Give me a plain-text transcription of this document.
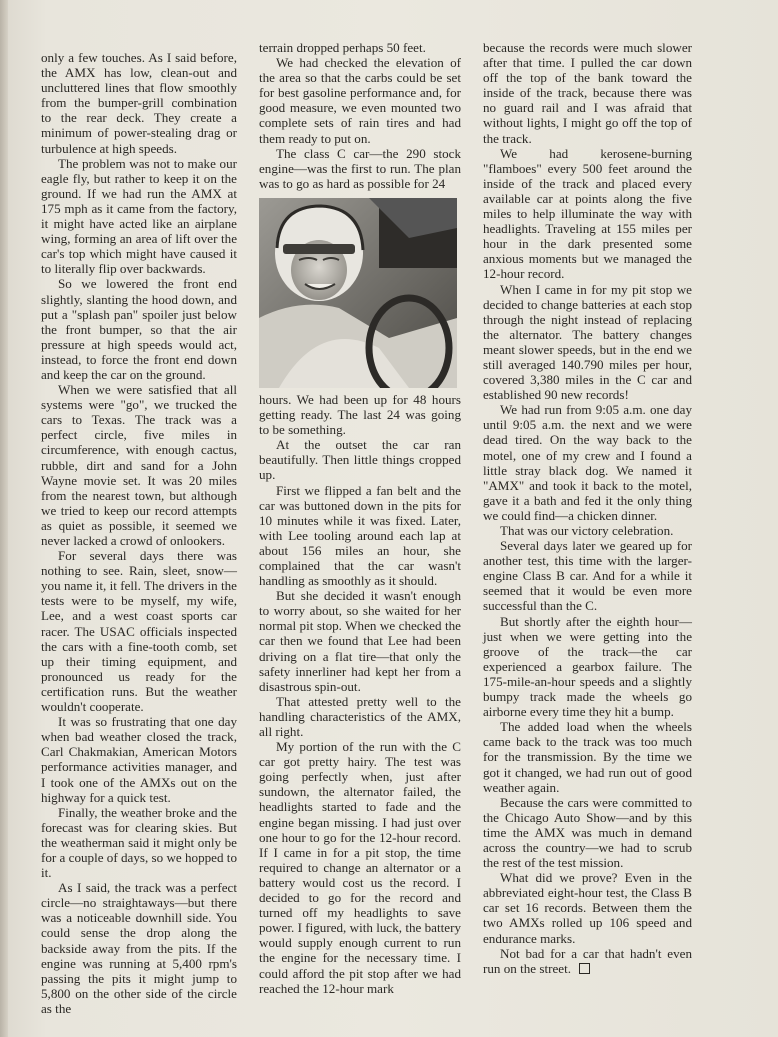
only a few touches. As I said before, the AMX has low, clean-out and uncluttered lines that flow smoothly from the bumper-grill combination to the rear deck. They create a minimum of power-stealing drag or turbulence at high speeds.

The problem was not to make our eagle fly, but rather to keep it on the ground. If we had run the AMX at 175 mph as it came from the factory, it might have acted like an airplane wing, forming an area of lift over the car's top which might have caused it to literally flip over backwards.

So we lowered the front end slightly, slanting the hood down, and put a "splash pan" spoiler just below the front bumper, so that the air pressure at high speeds would act, instead, to force the front end down and keep the car on the ground.

When we were satisfied that all systems were "go", we trucked the cars to Texas. The track was a perfect circle, five miles in circumference, with enough cactus, rubble, dirt and sand for a John Wayne movie set. It was 20 miles from the nearest town, but although we tried to keep our record attempts as quiet as possible, it seemed we never lacked a crowd of onlookers.

For several days there was nothing to see. Rain, sleet, snow—you name it, it fell. The drivers in the tests were to be myself, my wife, Lee, and a west coast sports car racer. The USAC officials inspected the cars with a fine-tooth comb, set up their timing equipment, and pronounced us ready for the certification runs. But the weather wouldn't cooperate.

It was so frustrating that one day when bad weather closed the track, Carl Chakmakian, American Motors performance activities manager, and I took one of the AMXs out on the highway for a quick test.

Finally, the weather broke and the forecast was for clearing skies. But the weatherman said it might only be for a couple of days, so we hopped to it.

As I said, the track was a perfect circle—no straightaways—but there was a noticeable downhill side. You could sense the drop along the backside away from the pits. If the engine was running at 5,400 rpm's passing the pits it might jump to 5,800 on the other side of the circle as the

terrain dropped perhaps 50 feet.

We had checked the elevation of the area so that the carbs could be set for best gasoline performance and, for good measure, we even mounted two complete sets of rain tires and had them ready to put on.

The class C car—the 290 stock engine—was the first to run. The plan was to go as hard as possible for 24

hours. We had been up for 48 hours getting ready. The last 24 was going to be something.

At the outset the car ran beautifully. Then little things cropped up.

First we flipped a fan belt and the car was buttoned down in the pits for 10 minutes while it was fixed. Later, with Lee tooling around each lap at about 156 miles an hour, she complained that the car wasn't handling as smoothly as it should.

But she decided it wasn't enough to worry about, so she waited for her normal pit stop. When we checked the car then we found that Lee had been driving on a flat tire—that only the safety innerliner had kept her from a disastrous spin-out.

That attested pretty well to the handling characteristics of the AMX, all right.

My portion of the run with the C car got pretty hairy. The test was going perfectly when, just after sundown, the alternator failed, the headlights started to fade and the engine began missing. I had just over one hour to go for the 12-hour record. If I came in for a pit stop, the time required to change an alternator or a battery would cost us the record. I decided to go for the record and turned off my headlights to save power. I figured, with luck, the battery would supply enough current to run the engine for the necessary time. I could afford the pit stop after we had reached the 12-hour mark

because the records were much slower after that time. I pulled the car down off the top of the bank toward the inside of the track, because there was no guard rail and I was afraid that without lights, I might go off the top of the track.

We had kerosene-burning "flamboes" every 500 feet around the inside of the track and placed every available car at points along the five miles to help illuminate the way with headlights. Traveling at 155 miles per hour in the dark presented some anxious moments but we managed the 12-hour record.

When I came in for my pit stop we decided to change batteries at each stop through the night instead of replacing the alternator. The battery changes meant slower speeds, but in the end we still averaged 140.790 miles per hour, covered 3,380 miles in the C car and established 90 new records!

We had run from 9:05 a.m. one day until 9:05 a.m. the next and we were dead tired. On the way back to the motel, one of my crew and I found a little stray black dog. We named it "AMX" and took it back to the motel, gave it a bath and fed it the only thing we could find—a chicken dinner.

That was our victory celebration.

Several days later we geared up for another test, this time with the larger-engine Class B car. And for a while it seemed that it would be even more successful than the C.

But shortly after the eighth hour—just when we were getting into the groove of the track—the car experienced a gearbox failure. The 175-mile-an-hour speeds and a slightly bumpy track made the wheels go airborne every time they hit a bump.

The added load when the wheels came back to the track was too much for the transmission. By the time we got it changed, we had run out of good weather again.

Because the cars were committed to the Chicago Auto Show—and by this time the AMX was much in demand across the country—we had to scrub the rest of the test mission.

What did we prove? Even in the abbreviated eight-hour test, the Class B car set 16 records. Between them the two AMXs rolled up 106 speed and endurance marks.

Not bad for a car that hadn't even run on the street.
